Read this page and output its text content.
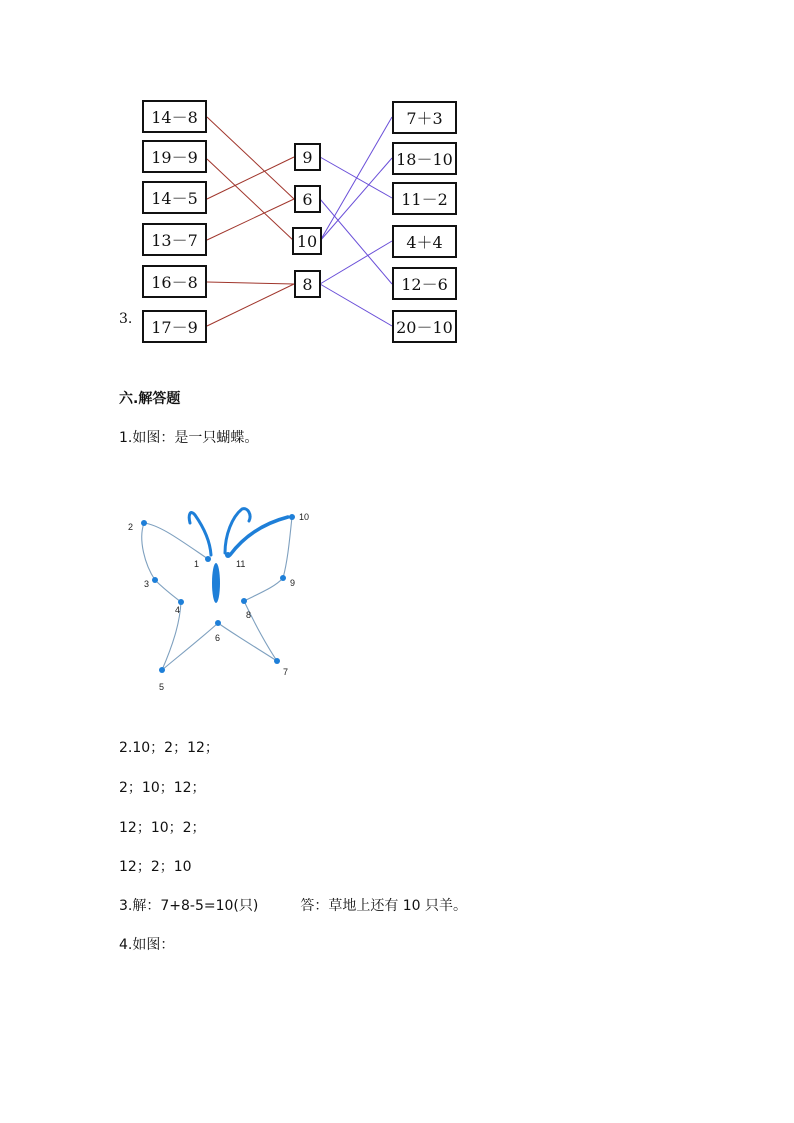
14－8
19－9
14－5
13－7
16－8
17－9
3.
9
6
10
8
7＋3
18－10
11－2
4＋4
12－6
20－10
六.解答题
1.如图：是一只蝴蝶。
1
2
3
4
5
6
7
8
9
10
11
2.10；2；12；
2；10；12；
12；10；2；
12；2；10
3.解：7+8-5=10(只)　　　答：草地上还有 10 只羊。
4.如图：
